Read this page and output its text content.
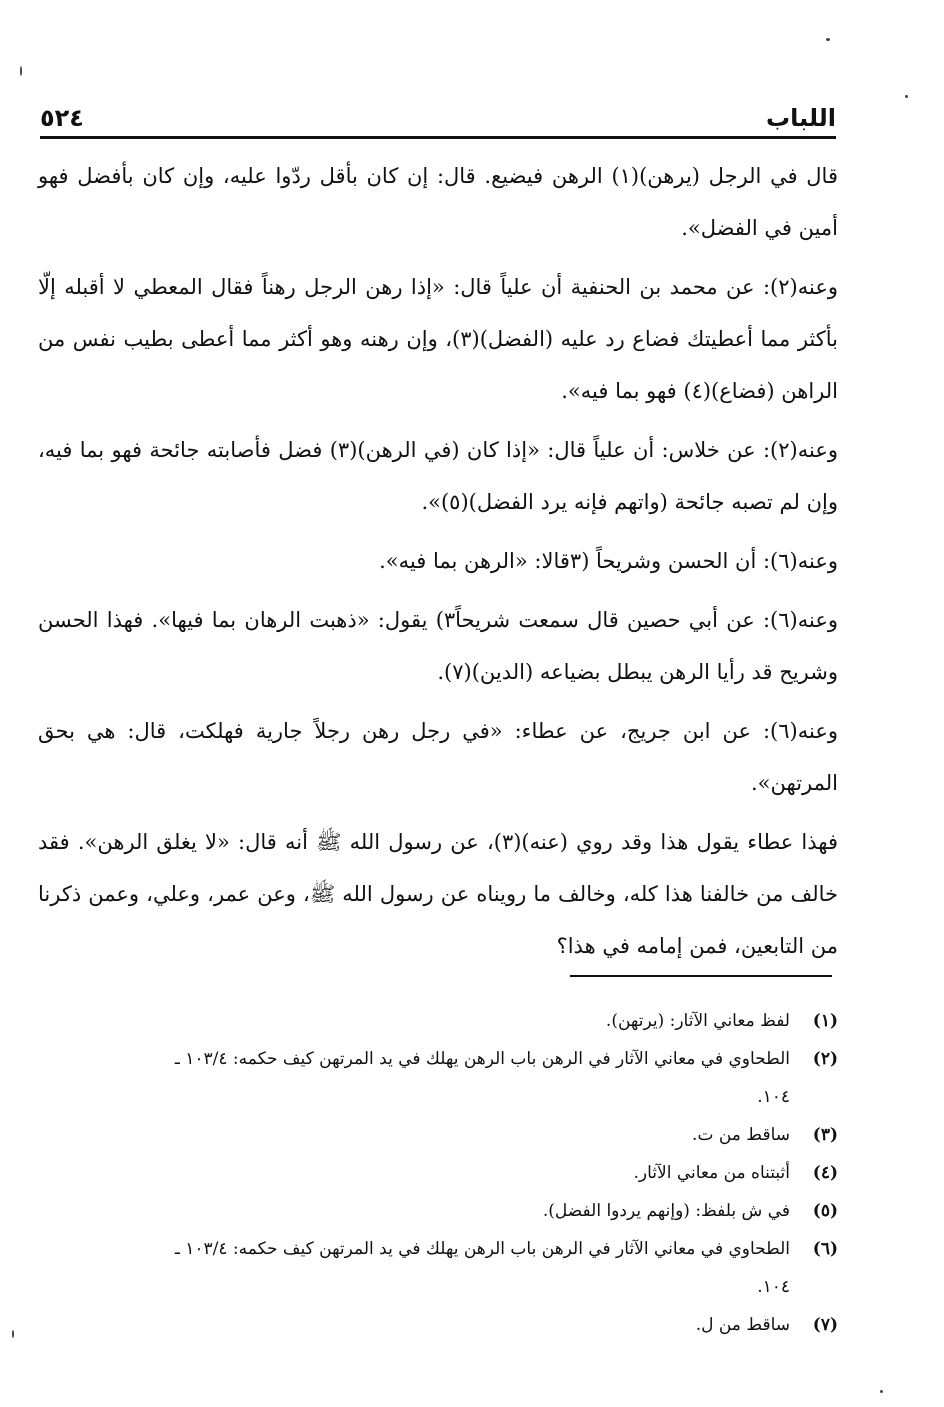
٥٢٤	اللباب

قال في الرجل (يرهن)(١) الرهن فيضيع. قال: إن كان بأقل ردّوا عليه، وإن كان بأفضل فهو أمين في الفضل».

وعنه(٢): عن محمد بن الحنفية أن علياً قال: «إذا رهن الرجل رهناً فقال المعطي لا أقبله إلّا بأكثر مما أعطيتك فضاع رد عليه (الفضل)(٣)، وإن رهنه وهو أكثر مما أعطى بطيب نفس من الراهن (فضاع)(٤) فهو بما فيه».

وعنه(٢): عن خلاس: أن علياً قال: «إذا كان (في الرهن)(٣) فضل فأصابته جائحة فهو بما فيه، وإن لم تصبه جائحة (واتهم فإنه يرد الفضل)(٥)».

وعنه(٦): أن الحسن وشريحاً (٣قالا: «الرهن بما فيه».

وعنه(٦): عن أبي حصين قال سمعت شريحاً٣) يقول: «ذهبت الرهان بما فيها». فهذا الحسن وشريح قد رأيا الرهن يبطل بضياعه (الدين)(٧).

وعنه(٦): عن ابن جريج، عن عطاء: «في رجل رهن رجلاً جارية فهلكت، قال: هي بحق المرتهن».

فهذا عطاء يقول هذا وقد روي (عنه)(٣)، عن رسول الله ﷺ أنه قال: «لا يغلق الرهن». فقد خالف من خالفنا هذا كله، وخالف ما رويناه عن رسول الله ﷺ، وعن عمر، وعلي، وعمن ذكرنا من التابعين، فمن إمامه في هذا؟

(١)
لفظ معاني الآثار: (يرتهن).
(٢)
الطحاوي في معاني الآثار في الرهن باب الرهن يهلك في يد المرتهن كيف حكمه: ١٠٣/٤ ـ
١٠٤.
(٣)
ساقط من ت.
(٤)
أثبتناه من معاني الآثار.
(٥)
في ش بلفظ: (وإنهم يردوا الفضل).
(٦)
الطحاوي في معاني الآثار في الرهن باب الرهن يهلك في يد المرتهن كيف حكمه: ١٠٣/٤ ـ
١٠٤.
(٧)
ساقط من ل.
